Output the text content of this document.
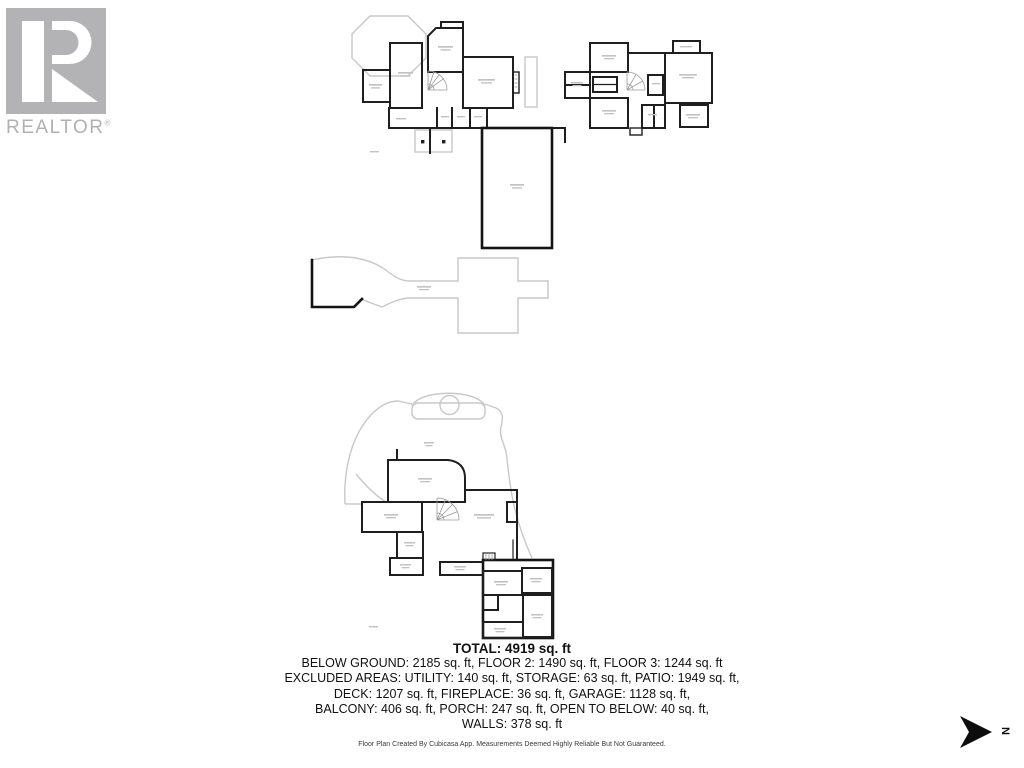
REALTOR®
TOTAL: 4919 sq. ft
BELOW GROUND: 2185 sq. ft, FLOOR 2: 1490 sq. ft, FLOOR 3: 1244 sq. ft
EXCLUDED AREAS: UTILITY: 140 sq. ft, STORAGE: 63 sq. ft, PATIO: 1949 sq. ft,
DECK: 1207 sq. ft, FIREPLACE: 36 sq. ft, GARAGE: 1128 sq. ft,
BALCONY: 406 sq. ft, PORCH: 247 sq. ft, OPEN TO BELOW: 40 sq. ft,
WALLS: 378 sq. ft
Floor Plan Created By Cubicasa App. Measurements Deemed Highly Reliable But Not Guaranteed.
N
